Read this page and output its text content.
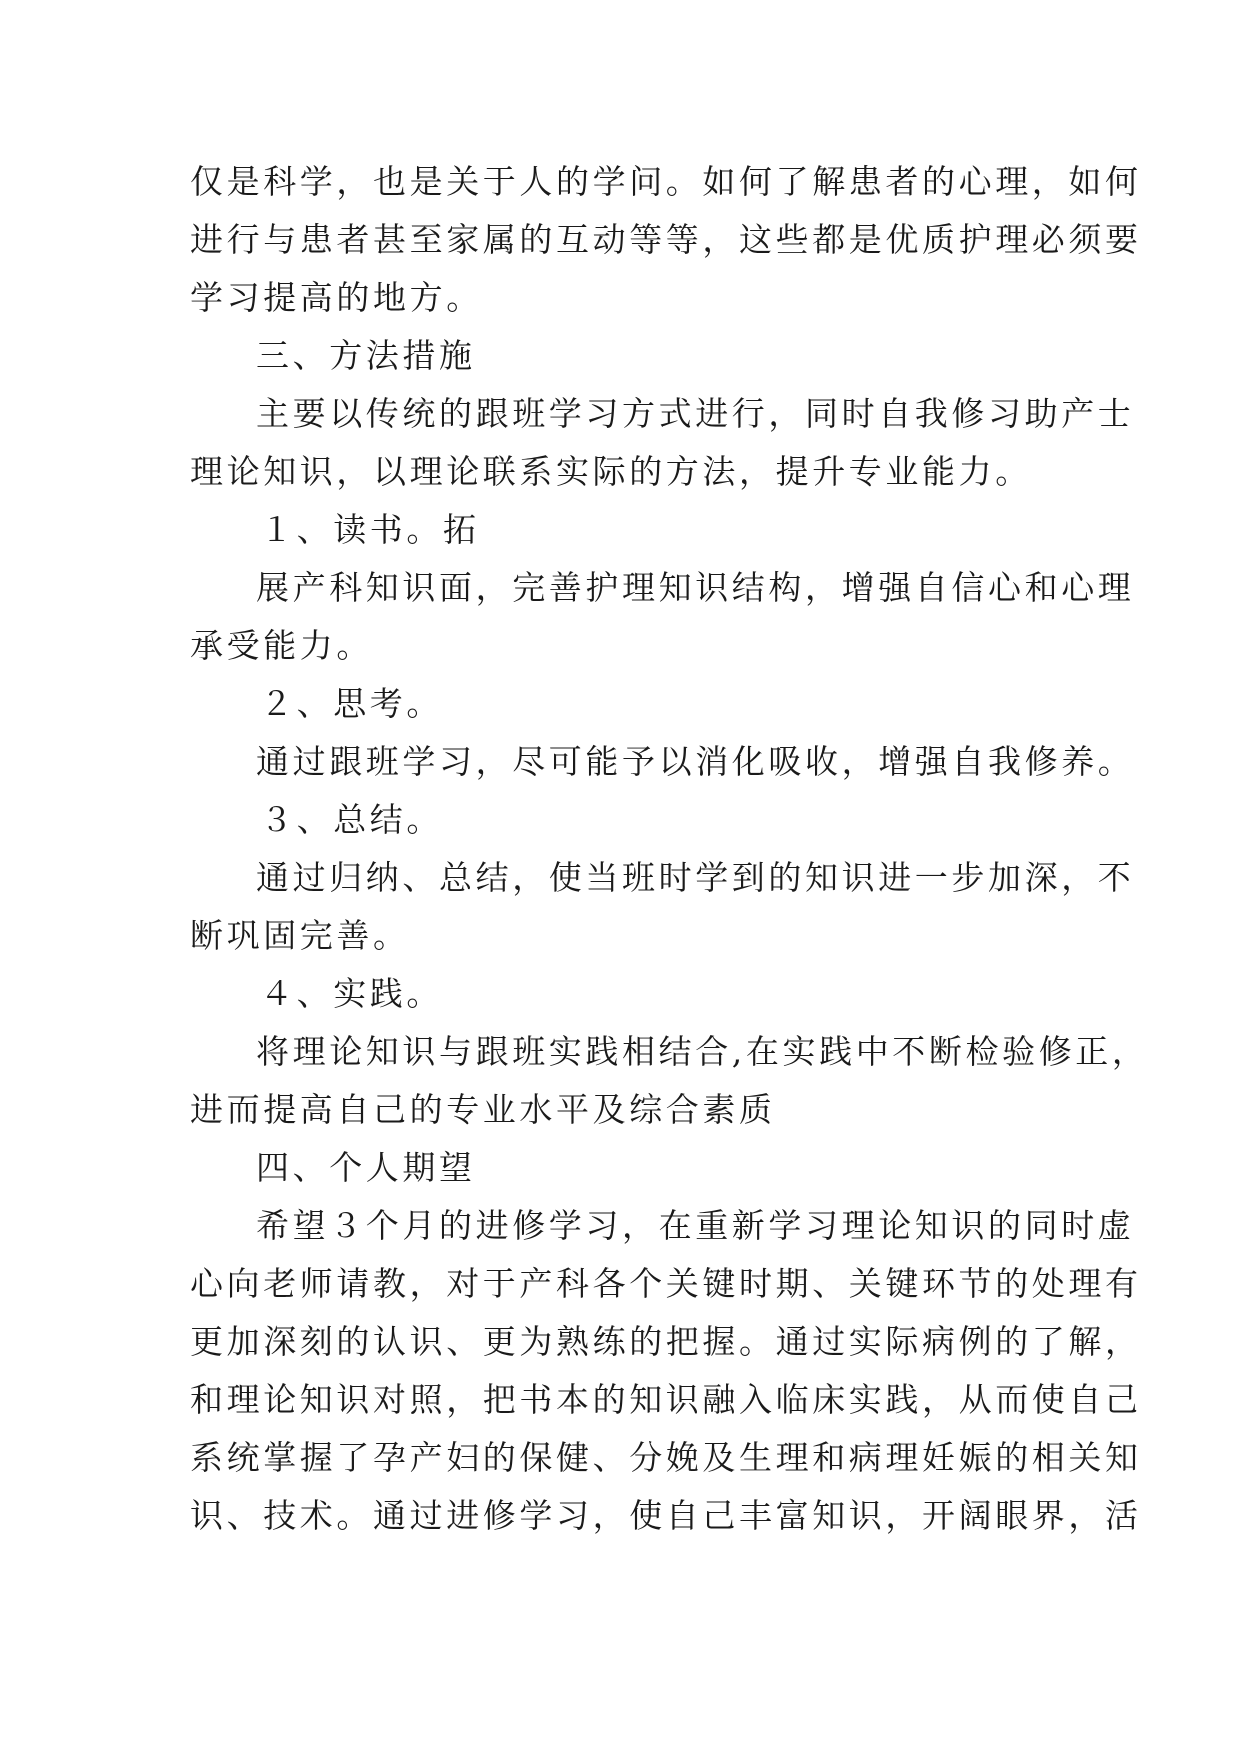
仅是科学，也是关于人的学问。如何了解患者的心理，如何
进行与患者甚至家属的互动等等，这些都是优质护理必须要
学习提高的地方。
三、方法措施
主要以传统的跟班学习方式进行，同时自我修习助产士
理论知识，以理论联系实际的方法，提升专业能力。
１、读书。拓
展产科知识面，完善护理知识结构，增强自信心和心理
承受能力。
２、思考。
通过跟班学习，尽可能予以消化吸收，增强自我修养。
３、总结。
通过归纳、总结，使当班时学到的知识进一步加深，不
断巩固完善。
４、实践。
将理论知识与跟班实践相结合,在实践中不断检验修正，
进而提高自己的专业水平及综合素质
四、个人期望
希望３个月的进修学习，在重新学习理论知识的同时虚
心向老师请教，对于产科各个关键时期、关键环节的处理有
更加深刻的认识、更为熟练的把握。通过实际病例的了解，
和理论知识对照，把书本的知识融入临床实践，从而使自己
系统掌握了孕产妇的保健、分娩及生理和病理妊娠的相关知
识、技术。通过进修学习，使自己丰富知识，开阔眼界，活
